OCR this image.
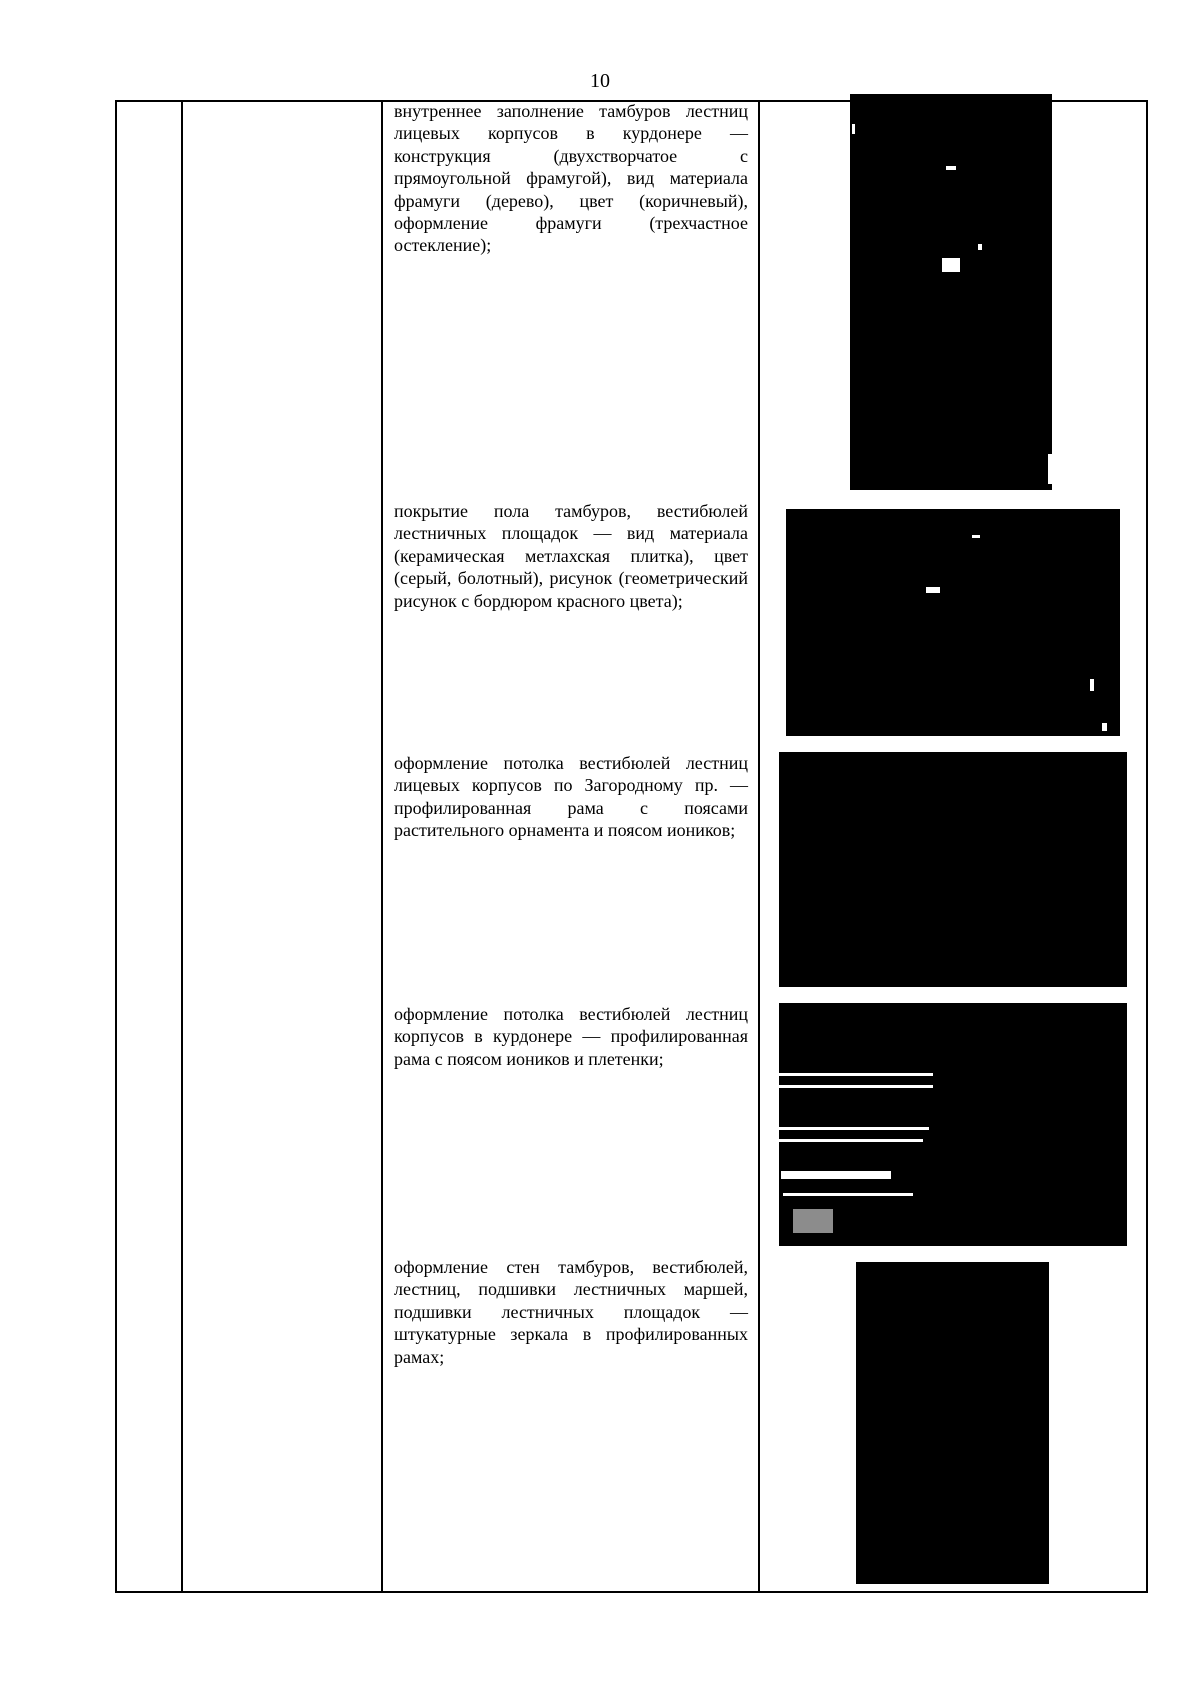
10

внутреннее заполнение тамбуров лестниц лицевых корпусов в курдонере — конструкция (двухстворчатое с прямоугольной фрамугой), вид материала фрамуги (дерево), цвет (коричневый), оформление фрамуги (трехчастное остекление);

покрытие пола тамбуров, вестибюлей лестничных площадок — вид материала (керамическая метлахская плитка), цвет (серый, болотный), рисунок (геометрический рисунок с бордюром красного цвета);

оформление потолка вестибюлей лестниц лицевых корпусов по Загородному пр. — профилированная рама с поясами растительного орнамента и поясом иоников;

оформление потолка вестибюлей лестниц корпусов в курдонере — профилированная рама с поясом иоников и плетенки;

оформление стен тамбуров, вестибюлей, лестниц, подшивки лестничных маршей, подшивки лестничных площадок — штукатурные зеркала в профилированных рамах;
